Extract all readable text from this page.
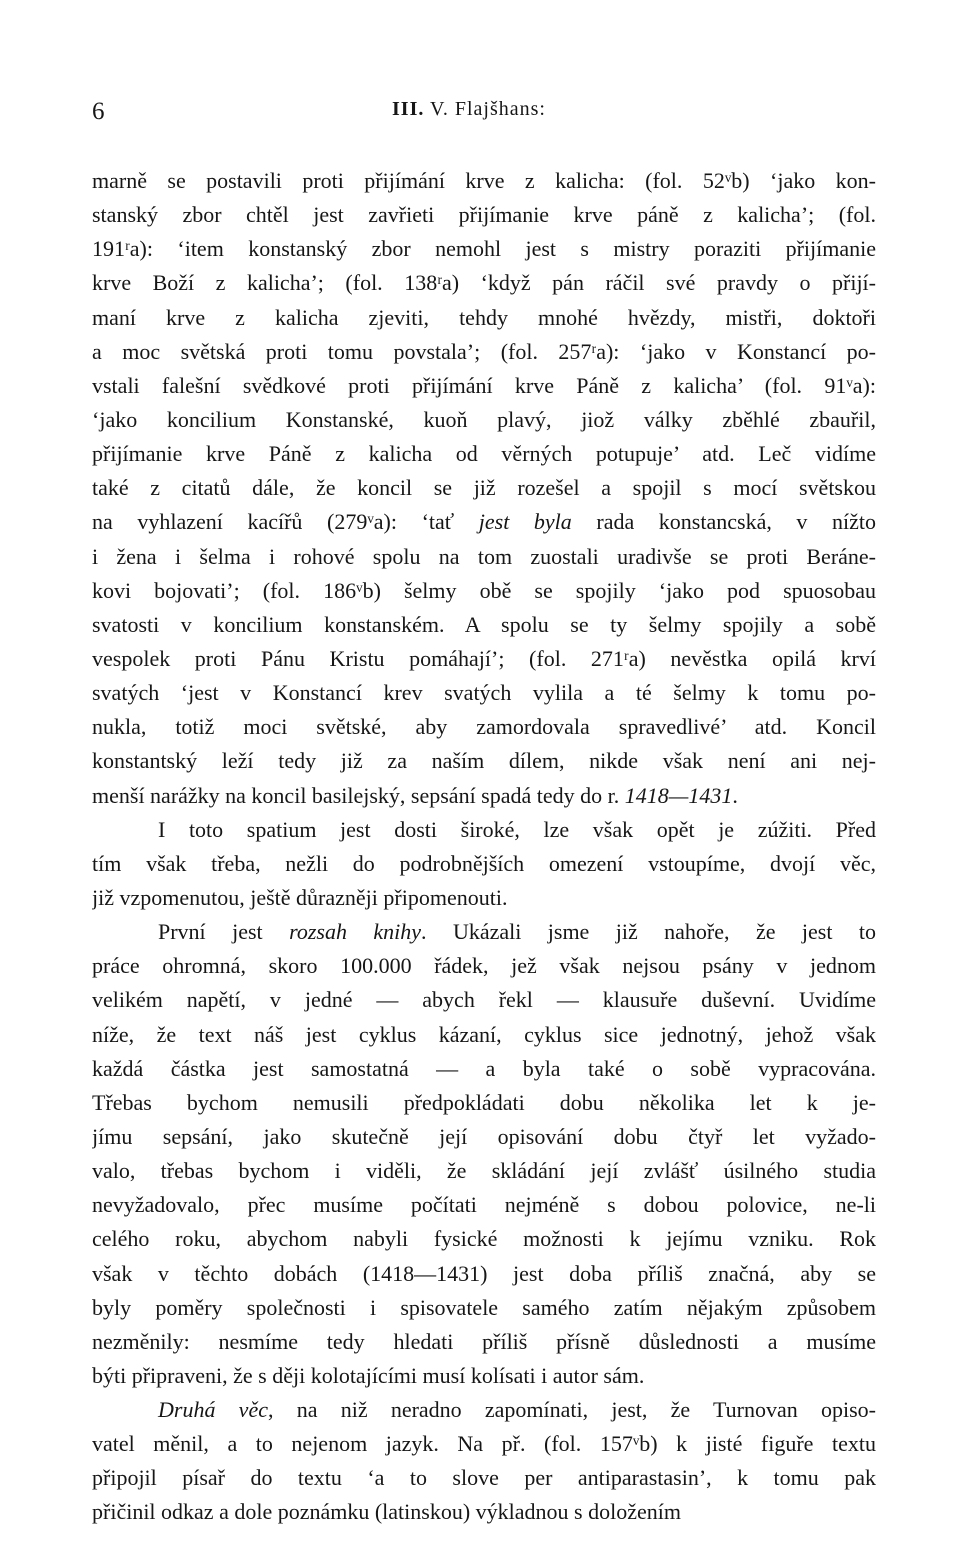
6	III. V. Flajšhans:
marně se postavili proti přijímání krve z kalicha: (fol. 52ᵛb) ‘jako kon-
stanský zbor chtěl jest zavřieti přijímanie krve páně z kalicha’; (fol.
191ʳa): ‘item konstanský zbor nemohl jest s mistry poraziti přijímanie
krve Boží z kalicha’; (fol. 138ʳa) ‘když pán ráčil své pravdy o přijí-
maní krve z kalicha zjeviti, tehdy mnohé hvězdy, mistři, doktoři
a moc světská proti tomu povstala’; (fol. 257ʳa): ‘jako v Konstancí po-
vstali falešní svědkové proti přijímání krve Páně z kalicha’ (fol. 91ᵛa):
‘jako koncilium Konstanské, kuoň plavý, jiož války zběhlé zbauřil,
přijímanie krve Páně z kalicha od věrných potupuje’ atd. Leč vidíme
také z citatů dále, že koncil se již rozešel a spojil s mocí světskou
na vyhlazení kacířů (279ᵛa): ‘tať jest byla rada konstancská, v nížto
i žena i šelma i rohové spolu na tom zuostali uradivše se proti Beráne-
kovi bojovati’; (fol. 186ᵛb) šelmy obě se spojily ‘jako pod spuosobau
svatosti v koncilium konstanském. A spolu se ty šelmy spojily a sobě
vespolek proti Pánu Kristu pomáhají’; (fol. 271ʳa) nevěstka opilá krví
svatých ‘jest v Konstancí krev svatých vylila a té šelmy k tomu po-
nukla, totiž moci světské, aby zamordovala spravedlivé’ atd. Koncil
konstantský leží tedy již za naším dílem, nikde však není ani nej-
menší narážky na koncil basilejský, sepsání spadá tedy do r. 1418—1431.
I toto spatium jest dosti široké, lze však opět je zúžiti. Před
tím však třeba, nežli do podrobnějších omezení vstoupíme, dvojí věc,
již vzpomenutou, ještě důrazněji připomenouti.
První jest rozsah knihy. Ukázali jsme již nahoře, že jest to
práce ohromná, skoro 100.000 řádek, jež však nejsou psány v jednom
velikém napětí, v jedné — abych řekl — klausuře duševní. Uvidíme
níže, že text náš jest cyklus kázaní, cyklus sice jednotný, jehož však
každá částka jest samostatná — a byla také o sobě vypracována.
Třebas bychom nemusili předpokládati dobu několika let k je-
jímu sepsání, jako skutečně její opisování dobu čtyř let vyžado-
valo, třebas bychom i viděli, že skládání její zvlášť úsilného studia
nevyžadovalo, přec musíme počítati nejméně s dobou polovice, ne-li
celého roku, abychom nabyli fysické možnosti k jejímu vzniku. Rok
však v těchto dobách (1418—1431) jest doba příliš značná, aby se
byly poměry společnosti i spisovatele samého zatím nějakým způsobem
nezměnily: nesmíme tedy hledati příliš přísně důslednosti a musíme
býti připraveni, že s ději kolotajícími musí kolísati i autor sám.
Druhá věc, na niž neradno zapomínati, jest, že Turnovan opiso-
vatel měnil, a to nejenom jazyk. Na př. (fol. 157ᵛb) k jisté figuře textu
připojil písař do textu ‘a to slove per antiparastasin’, k tomu pak
přičinil odkaz a dole poznámku (latinskou) výkladnou s doložením
